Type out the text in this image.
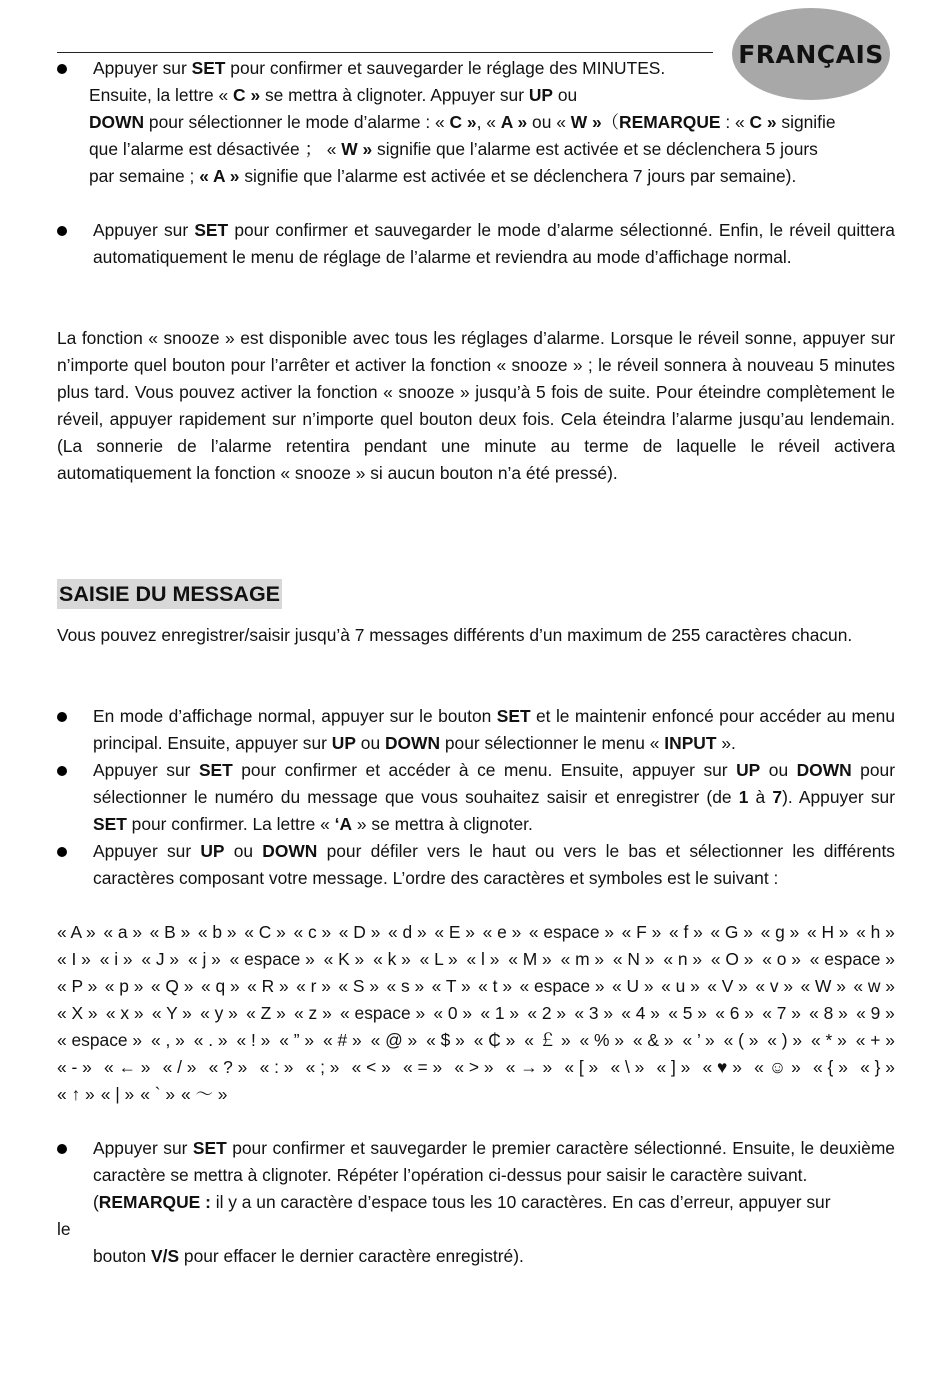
FRANÇAIS
Appuyer sur SET pour confirmer et sauvegarder le réglage des MINUTES.
Ensuite, la lettre « C » se mettra à clignoter. Appuyer sur UP ou
DOWN pour sélectionner le mode d’alarme : « C », « A » ou « W »（REMARQUE : « C » signifie
que l’alarme est désactivée ； « W » signifie que l’alarme est activée et se déclenchera 5 jours
par semaine ; « A » signifie que l’alarme est activée et se déclenchera 7 jours par semaine).
Appuyer sur SET pour confirmer et sauvegarder le mode d’alarme sélectionné. Enfin, le réveil quittera automatiquement le menu de réglage de l’alarme et reviendra au mode d’affichage normal.
La fonction « snooze » est disponible avec tous les réglages d’alarme. Lorsque le réveil sonne, appuyer sur n’importe quel bouton pour l’arrêter et activer la fonction « snooze » ; le réveil sonnera à nouveau 5 minutes plus tard. Vous pouvez activer la fonction « snooze » jusqu’à 5 fois de suite. Pour éteindre complètement le réveil, appuyer rapidement sur n’importe quel bouton deux fois. Cela éteindra l’alarme jusqu’au lendemain. (La sonnerie de l’alarme retentira pendant une minute au terme de laquelle le réveil activera automatiquement la fonction « snooze » si aucun bouton n’a été pressé).
SAISIE DU MESSAGE
Vous pouvez enregistrer/saisir jusqu’à 7 messages différents d’un maximum de 255 caractères chacun.
En mode d’affichage normal, appuyer sur le bouton SET et le maintenir enfoncé pour accéder au menu principal. Ensuite, appuyer sur UP ou DOWN pour sélectionner le menu « INPUT ».
Appuyer sur SET pour confirmer et accéder à ce menu. Ensuite, appuyer sur UP ou DOWN pour sélectionner le numéro du message que vous souhaitez saisir et enregistrer (de 1 à 7). Appuyer sur SET pour confirmer. La lettre « ‘A » se mettra à clignoter.
Appuyer sur UP ou DOWN pour défiler vers le haut ou vers le bas et sélectionner les différents caractères composant votre message. L’ordre des caractères et symboles est le suivant :
« A » « a » « B » « b » « C » « c » « D » « d » « E » « e » « espace » « F » « f » « G » « g » « H » « h »
« I » « i » « J » « j » « espace » « K » « k » « L » « l » « M » « m » « N » « n » « O » « o » « espace »
« P » « p » « Q » « q » « R » « r » « S » « s » « T » « t » « espace » « U » « u » « V » « v » « W » « w »
« X » « x » « Y » « y » « Z » « z » « espace » « 0 » « 1 » « 2 » « 3 » « 4 » « 5 » « 6 » « 7 » « 8 » « 9 »
« espace » « , » « . » « ! » « ” » « # » « @ » « $ » « ₵ » « ￡ » « % » « & » « ’ » « ( » « ) » « * » « + »
« - » « ← » « / » « ? » « : » « ; » « < » « = » « > » « → » « [ » « \ » « ] » « ♥ » « ☺ » « { » « } »
« ↑ » « | » « ` » « ～ »
Appuyer sur SET pour confirmer et sauvegarder le premier caractère sélectionné. Ensuite, le deuxième caractère se mettra à clignoter. Répéter l’opération ci-dessus pour saisir le caractère suivant.
(REMARQUE : il y a un caractère d’espace tous les 10 caractères. En cas d’erreur, appuyer sur
le
bouton V/S pour effacer le dernier caractère enregistré).
